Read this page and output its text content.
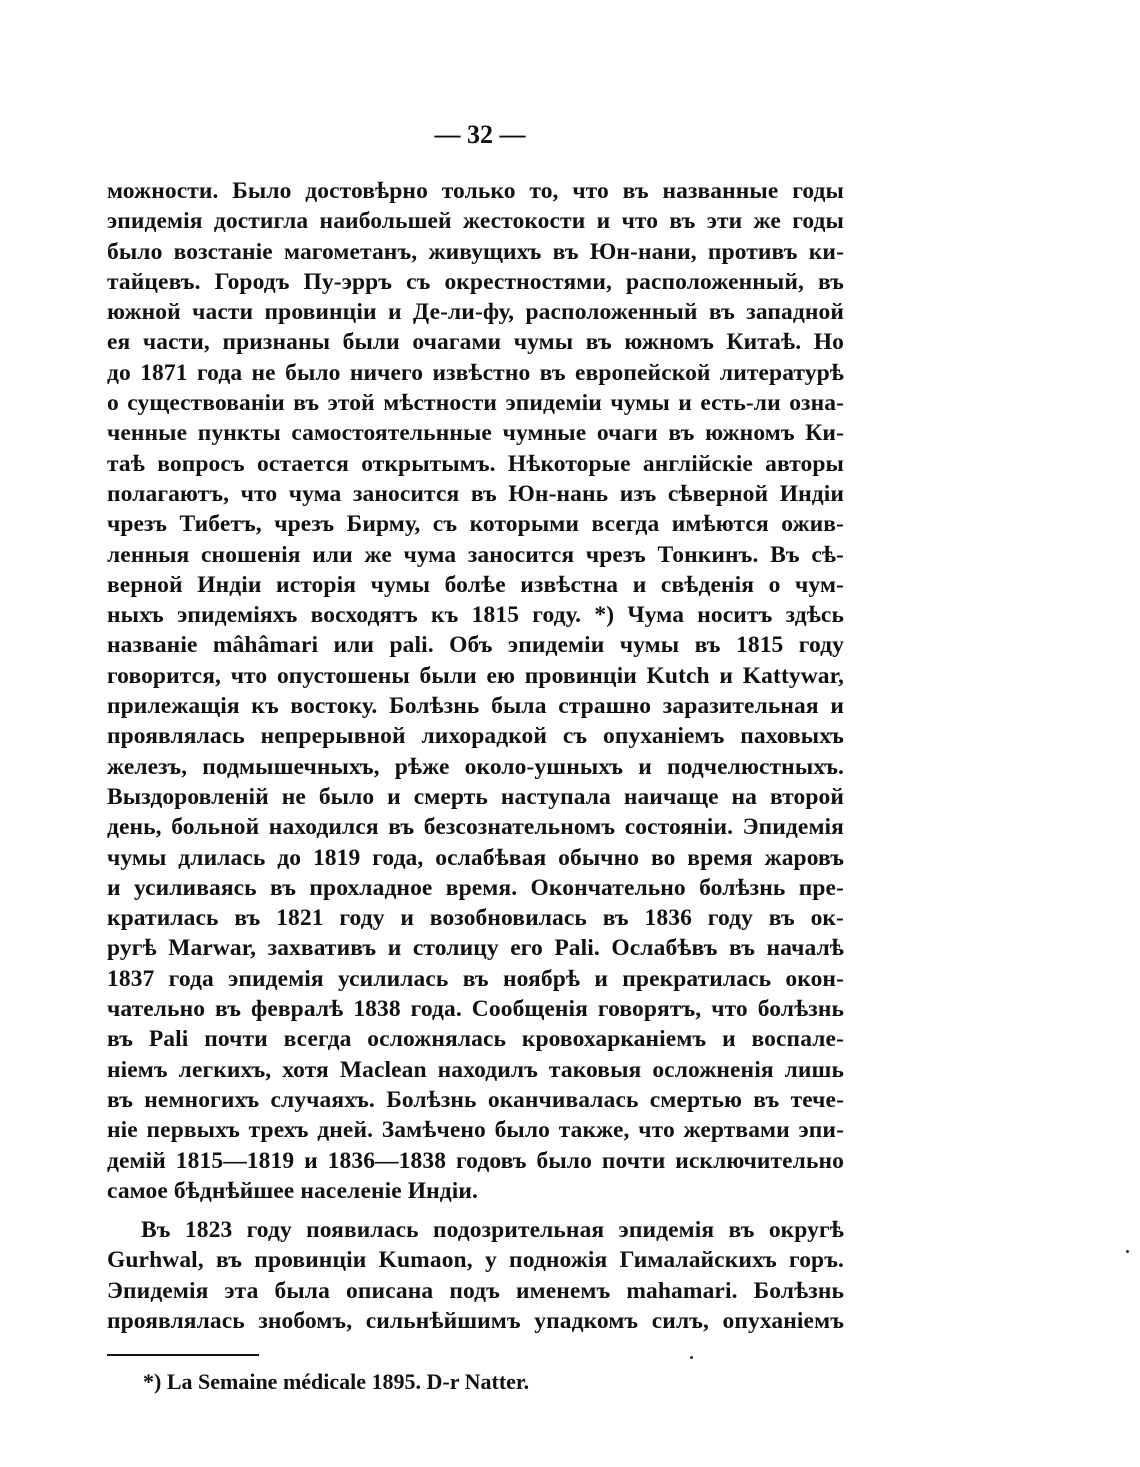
— 32 —
можности. Было достовѣрно только то, что въ названные годы
эпидемія достигла наибольшей жестокости и что въ эти же годы
было возстаніе магометанъ, живущихъ въ Юн-нани, противъ ки-
тайцевъ. Городъ Пу-эрръ съ окрестностями, расположенный, въ
южной части провинціи и Де-ли-фу, расположенный въ западной
ея части, признаны были очагами чумы въ южномъ Китаѣ. Но
до 1871 года не было ничего извѣстно въ европейской литературѣ
о существованіи въ этой мѣстности эпидеміи чумы и есть-ли озна-
ченные пункты самостоятельнные чумные очаги въ южномъ Ки-
таѣ вопросъ остается открытымъ. Нѣкоторые англійскіе авторы
полагаютъ, что чума заносится въ Юн-нань изъ сѣверной Индіи
чрезъ Тибетъ, чрезъ Бирму, съ которыми всегда имѣются ожив-
ленныя сношенія или же чума заносится чрезъ Тонкинъ. Въ сѣ-
верной Индіи исторія чумы болѣе извѣстна и свѣденія о чум-
ныхъ эпидеміяхъ восходятъ къ 1815 году. *) Чума носитъ здѣсь
названіе mâhâmari или pali. Объ эпидеміи чумы въ 1815 году
говорится, что опустошены были ею провинціи Kutch и Kattywar,
прилежащія къ востоку. Болѣзнь была страшно заразительная и
проявлялась непрерывной лихорадкой съ опуханіемъ паховыхъ
железъ, подмышечныхъ, рѣже около-ушныхъ и подчелюстныхъ.
Выздоровленій не было и смерть наступала наичаще на второй
день, больной находился въ безсознательномъ состояніи. Эпидемія
чумы длилась до 1819 года, ослабѣвая обычно во время жаровъ
и усиливаясь въ прохладное время. Окончательно болѣзнь пре-
кратилась въ 1821 году и возобновилась въ 1836 году въ ок-
ругѣ Marwar, захвативъ и столицу его Pali. Ослабѣвъ въ началѣ
1837 года эпидемія усилилась въ ноябрѣ и прекратилась окон-
чательно въ февралѣ 1838 года. Сообщенія говорятъ, что болѣзнь
въ Pali почти всегда осложнялась кровохарканіемъ и воспале-
ніемъ легкихъ, хотя Maclean находилъ таковыя осложненія лишь
въ немногихъ случаяхъ. Болѣзнь оканчивалась смертью въ тече-
ніе первыхъ трехъ дней. Замѣчено было также, что жертвами эпи-
демій 1815—1819 и 1836—1838 годовъ было почти исключительно
самое бѣднѣйшее населеніе Индіи.
Въ 1823 году появилась подозрительная эпидемія въ округѣ
Gurhwal, въ провинціи Kumaon, у подножія Гималайскихъ горъ.
Эпидемія эта была описана подъ именемъ mahamari. Болѣзнь
проявлялась знобомъ, сильнѣйшимъ упадкомъ силъ, опуханіемъ
*) La Semaine médicale 1895. D-r Natter.
